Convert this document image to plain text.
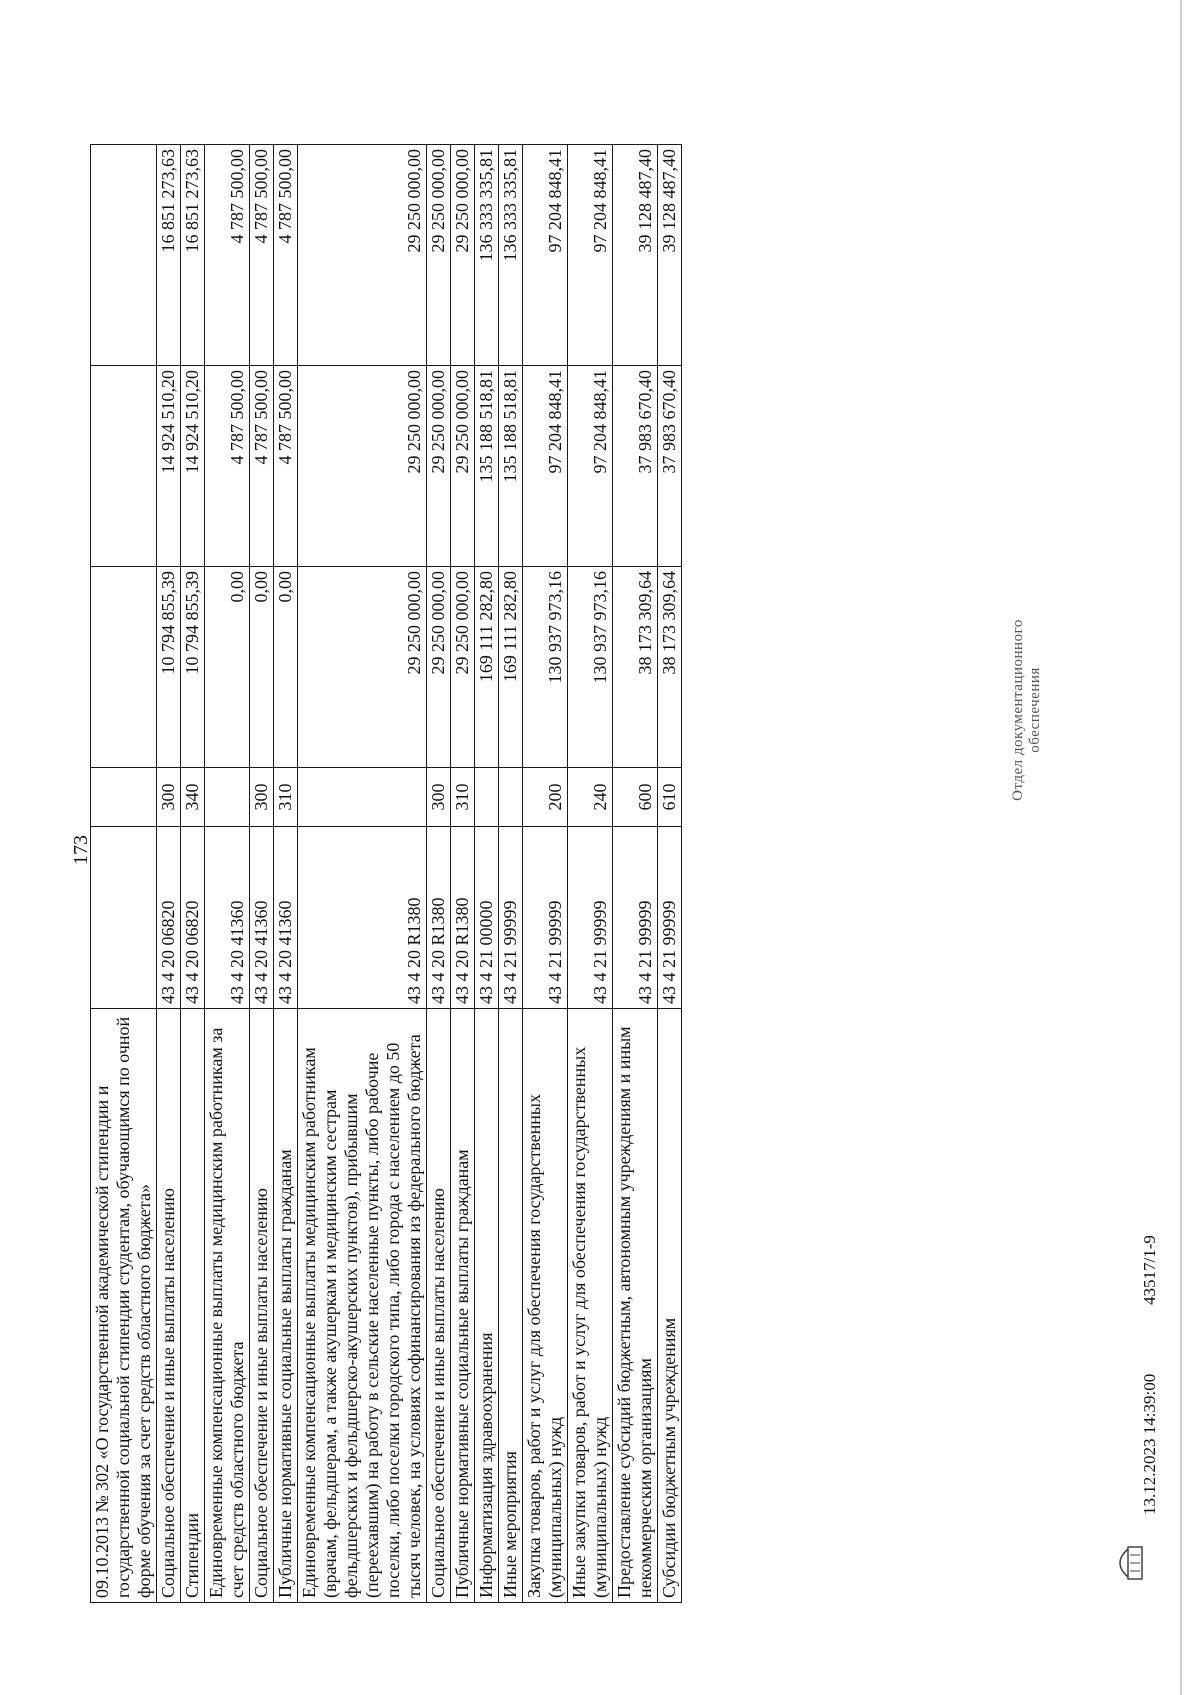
173
09.10.2013 № 302 «О государственной академической стипендии и государственной социальной стипендии студентам, обучающимся по очной форме обучения за счет средств областного бюджета»					
Социальное обеспечение и иные выплаты населению	43 4 20 06820	300	10 794 855,39	14 924 510,20	16 851 273,63
Стипендии	43 4 20 06820	340	10 794 855,39	14 924 510,20	16 851 273,63
Единовременные компенсационные выплаты медицинским работникам за счет средств областного бюджета	43 4 20 41360		0,00	4 787 500,00	4 787 500,00
Социальное обеспечение и иные выплаты населению	43 4 20 41360	300	0,00	4 787 500,00	4 787 500,00
Публичные нормативные социальные выплаты гражданам	43 4 20 41360	310	0,00	4 787 500,00	4 787 500,00
Единовременные компенсационные выплаты медицинским работникам (врачам, фельдшерам, а также акушеркам и медицинским сестрам фельдшерских и фельдшерско-акушерских пунктов), прибывшим (переехавшим) на работу в сельские населенные пункты, либо рабочие поселки, либо поселки городского типа, либо города с населением до 50 тысяч человек, на условиях софинансирования из федерального бюджета	43 4 20 R1380		29 250 000,00	29 250 000,00	29 250 000,00
Социальное обеспечение и иные выплаты населению	43 4 20 R1380	300	29 250 000,00	29 250 000,00	29 250 000,00
Публичные нормативные социальные выплаты гражданам	43 4 20 R1380	310	29 250 000,00	29 250 000,00	29 250 000,00
Информатизация здравоохранения	43 4 21 00000		169 111 282,80	135 188 518,81	136 333 335,81
Иные мероприятия	43 4 21 99999		169 111 282,80	135 188 518,81	136 333 335,81
Закупка товаров, работ и услуг для обеспечения государственных (муниципальных) нужд	43 4 21 99999	200	130 937 973,16	97 204 848,41	97 204 848,41
Иные закупки товаров, работ и услуг для обеспечения государственных (муниципальных) нужд	43 4 21 99999	240	130 937 973,16	97 204 848,41	97 204 848,41
Предоставление субсидий бюджетным, автономным учреждениям и иным некоммерческим организациям	43 4 21 99999	600	38 173 309,64	37 983 670,40	39 128 487,40
Субсидии бюджетным учреждениям	43 4 21 99999	610	38 173 309,64	37 983 670,40	39 128 487,40
13.12.2023 14:39:00
43517/1-9
Отдел документационного обеспечения
